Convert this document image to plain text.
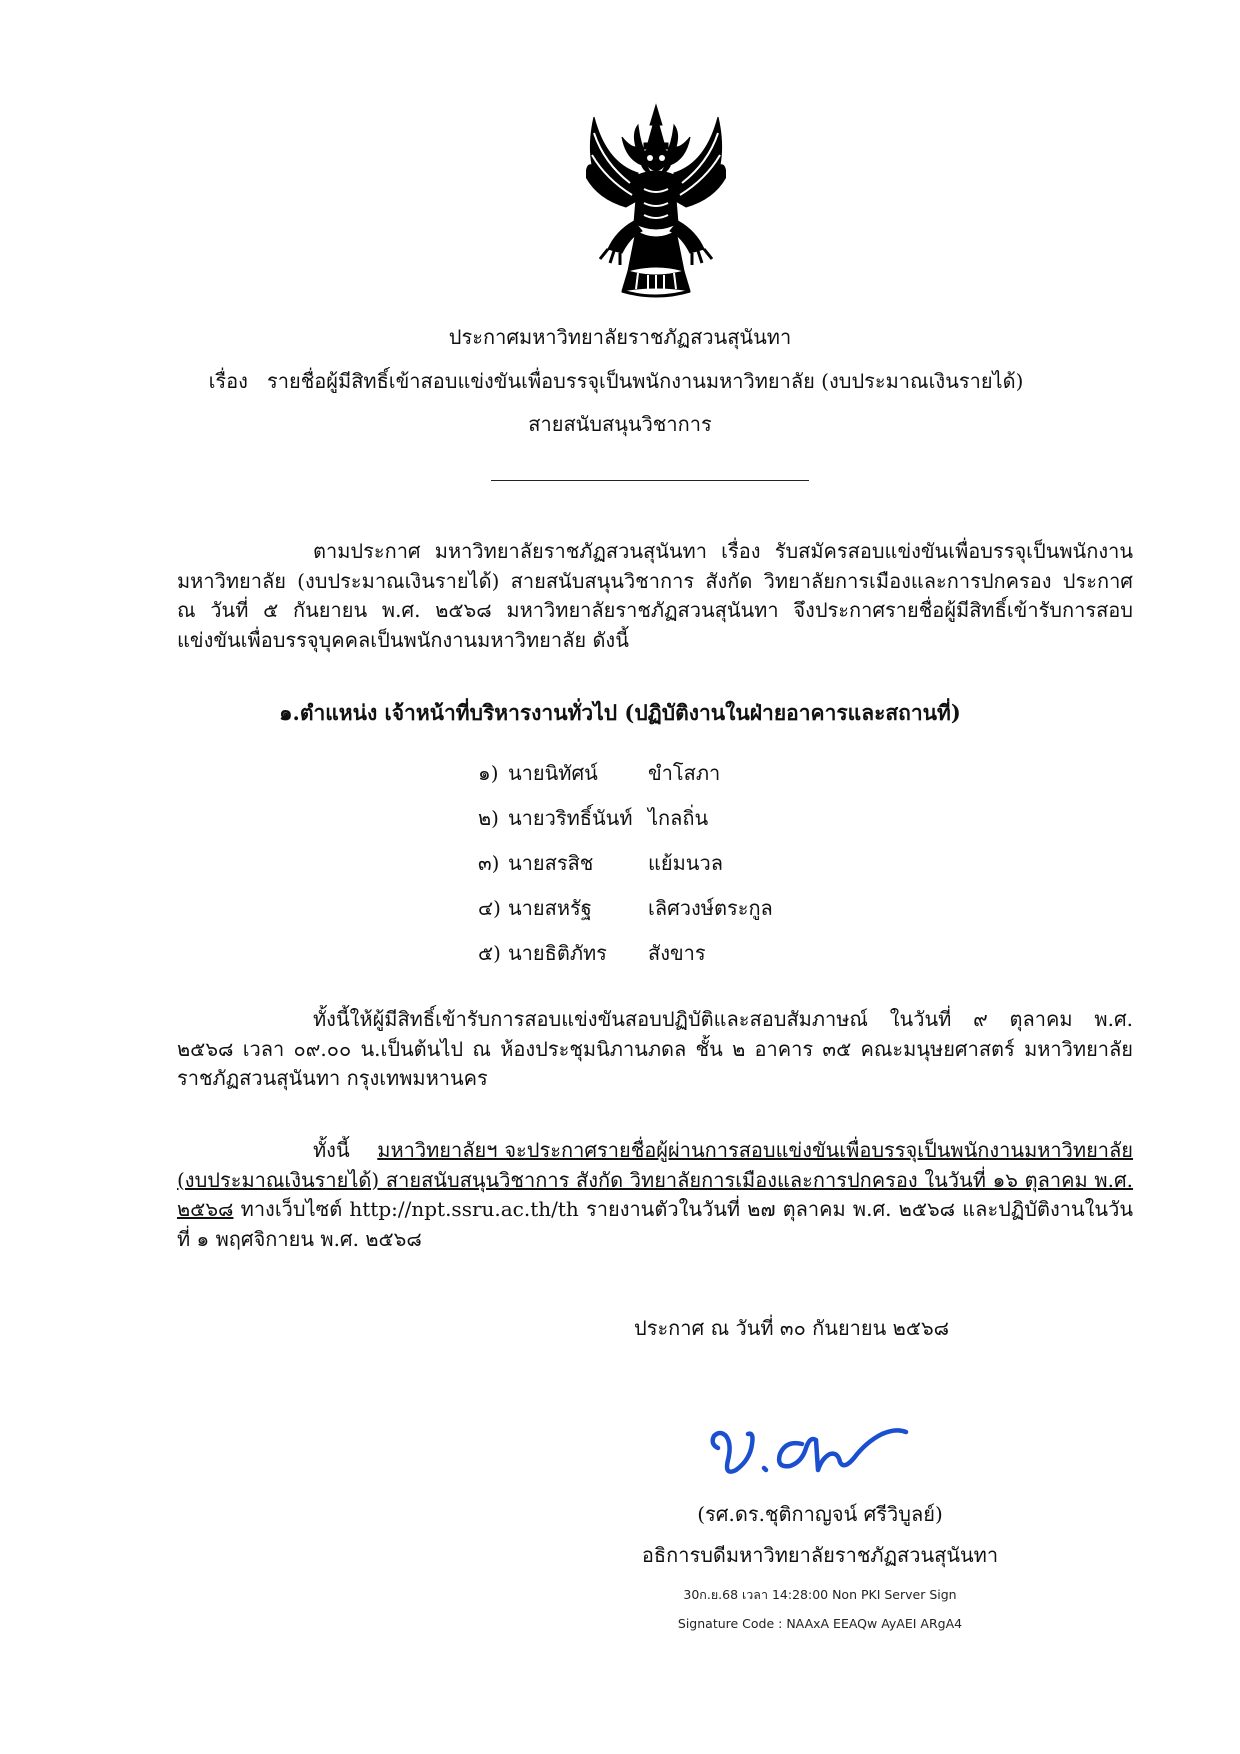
ประกาศมหาวิทยาลัยราชภัฏสวนสุนันทา
เรื่อง รายชื่อผู้มีสิทธิ์เข้าสอบแข่งขันเพื่อบรรจุเป็นพนักงานมหาวิทยาลัย (งบประมาณเงินรายได้)
สายสนับสนุนวิชาการ
ตามประกาศ มหาวิทยาลัยราชภัฏสวนสุนันทา เรื่อง รับสมัครสอบแข่งขันเพื่อบรรจุเป็นพนักงานมหาวิทยาลัย (งบประมาณเงินรายได้) สายสนับสนุนวิชาการ สังกัด วิทยาลัยการเมืองและการปกครอง ประกาศ ณ วันที่ ๕ กันยายน พ.ศ. ๒๕๖๘ มหาวิทยาลัยราชภัฏสวนสุนันทา จึงประกาศรายชื่อผู้มีสิทธิ์เข้ารับการสอบแข่งขันเพื่อบรรจุบุคคลเป็นพนักงานมหาวิทยาลัย ดังนี้
๑.ตำแหน่ง เจ้าหน้าที่บริหารงานทั่วไป (ปฏิบัติงานในฝ่ายอาคารและสถานที่)
๑) นายนิทัศน์	ขำโสภา
๒) นายวริทธิ์นันท์ ไกลถิ่น
๓) นายสรสิช	แย้มนวล
๔) นายสหรัฐ	เลิศวงษ์ตระกูล
๕) นายธิติภัทร สังขาร
ทั้งนี้ให้ผู้มีสิทธิ์เข้ารับการสอบแข่งขันสอบปฏิบัติและสอบสัมภาษณ์ ในวันที่ ๙ ตุลาคม พ.ศ. ๒๕๖๘ เวลา ๐๙.๐๐ น.เป็นต้นไป ณ ห้องประชุมนิภานภดล ชั้น ๒ อาคาร ๓๕ คณะมนุษยศาสตร์ มหาวิทยาลัยราชภัฏสวนสุนันทา กรุงเทพมหานคร
ทั้งนี้ มหาวิทยาลัยฯ จะประกาศรายชื่อผู้ผ่านการสอบแข่งขันเพื่อบรรจุเป็นพนักงานมหาวิทยาลัย (งบประมาณเงินรายได้) สายสนับสนุนวิชาการ สังกัด วิทยาลัยการเมืองและการปกครอง ในวันที่ ๑๖ ตุลาคม พ.ศ. ๒๕๖๘ ทางเว็บไซต์ http://npt.ssru.ac.th/th รายงานตัวในวันที่ ๒๗ ตุลาคม พ.ศ. ๒๕๖๘ และปฏิบัติงานในวันที่ ๑ พฤศจิกายน พ.ศ. ๒๕๖๘
ประกาศ ณ วันที่ ๓๐ กันยายน ๒๕๖๘
(รศ.ดร.ชุติกาญจน์ ศรีวิบูลย์)
อธิการบดีมหาวิทยาลัยราชภัฏสวนสุนันทา
30ก.ย.68 เวลา 14:28:00 Non PKI Server Sign
Signature Code : NAAxA EEAQw AyAEI ARgA4
